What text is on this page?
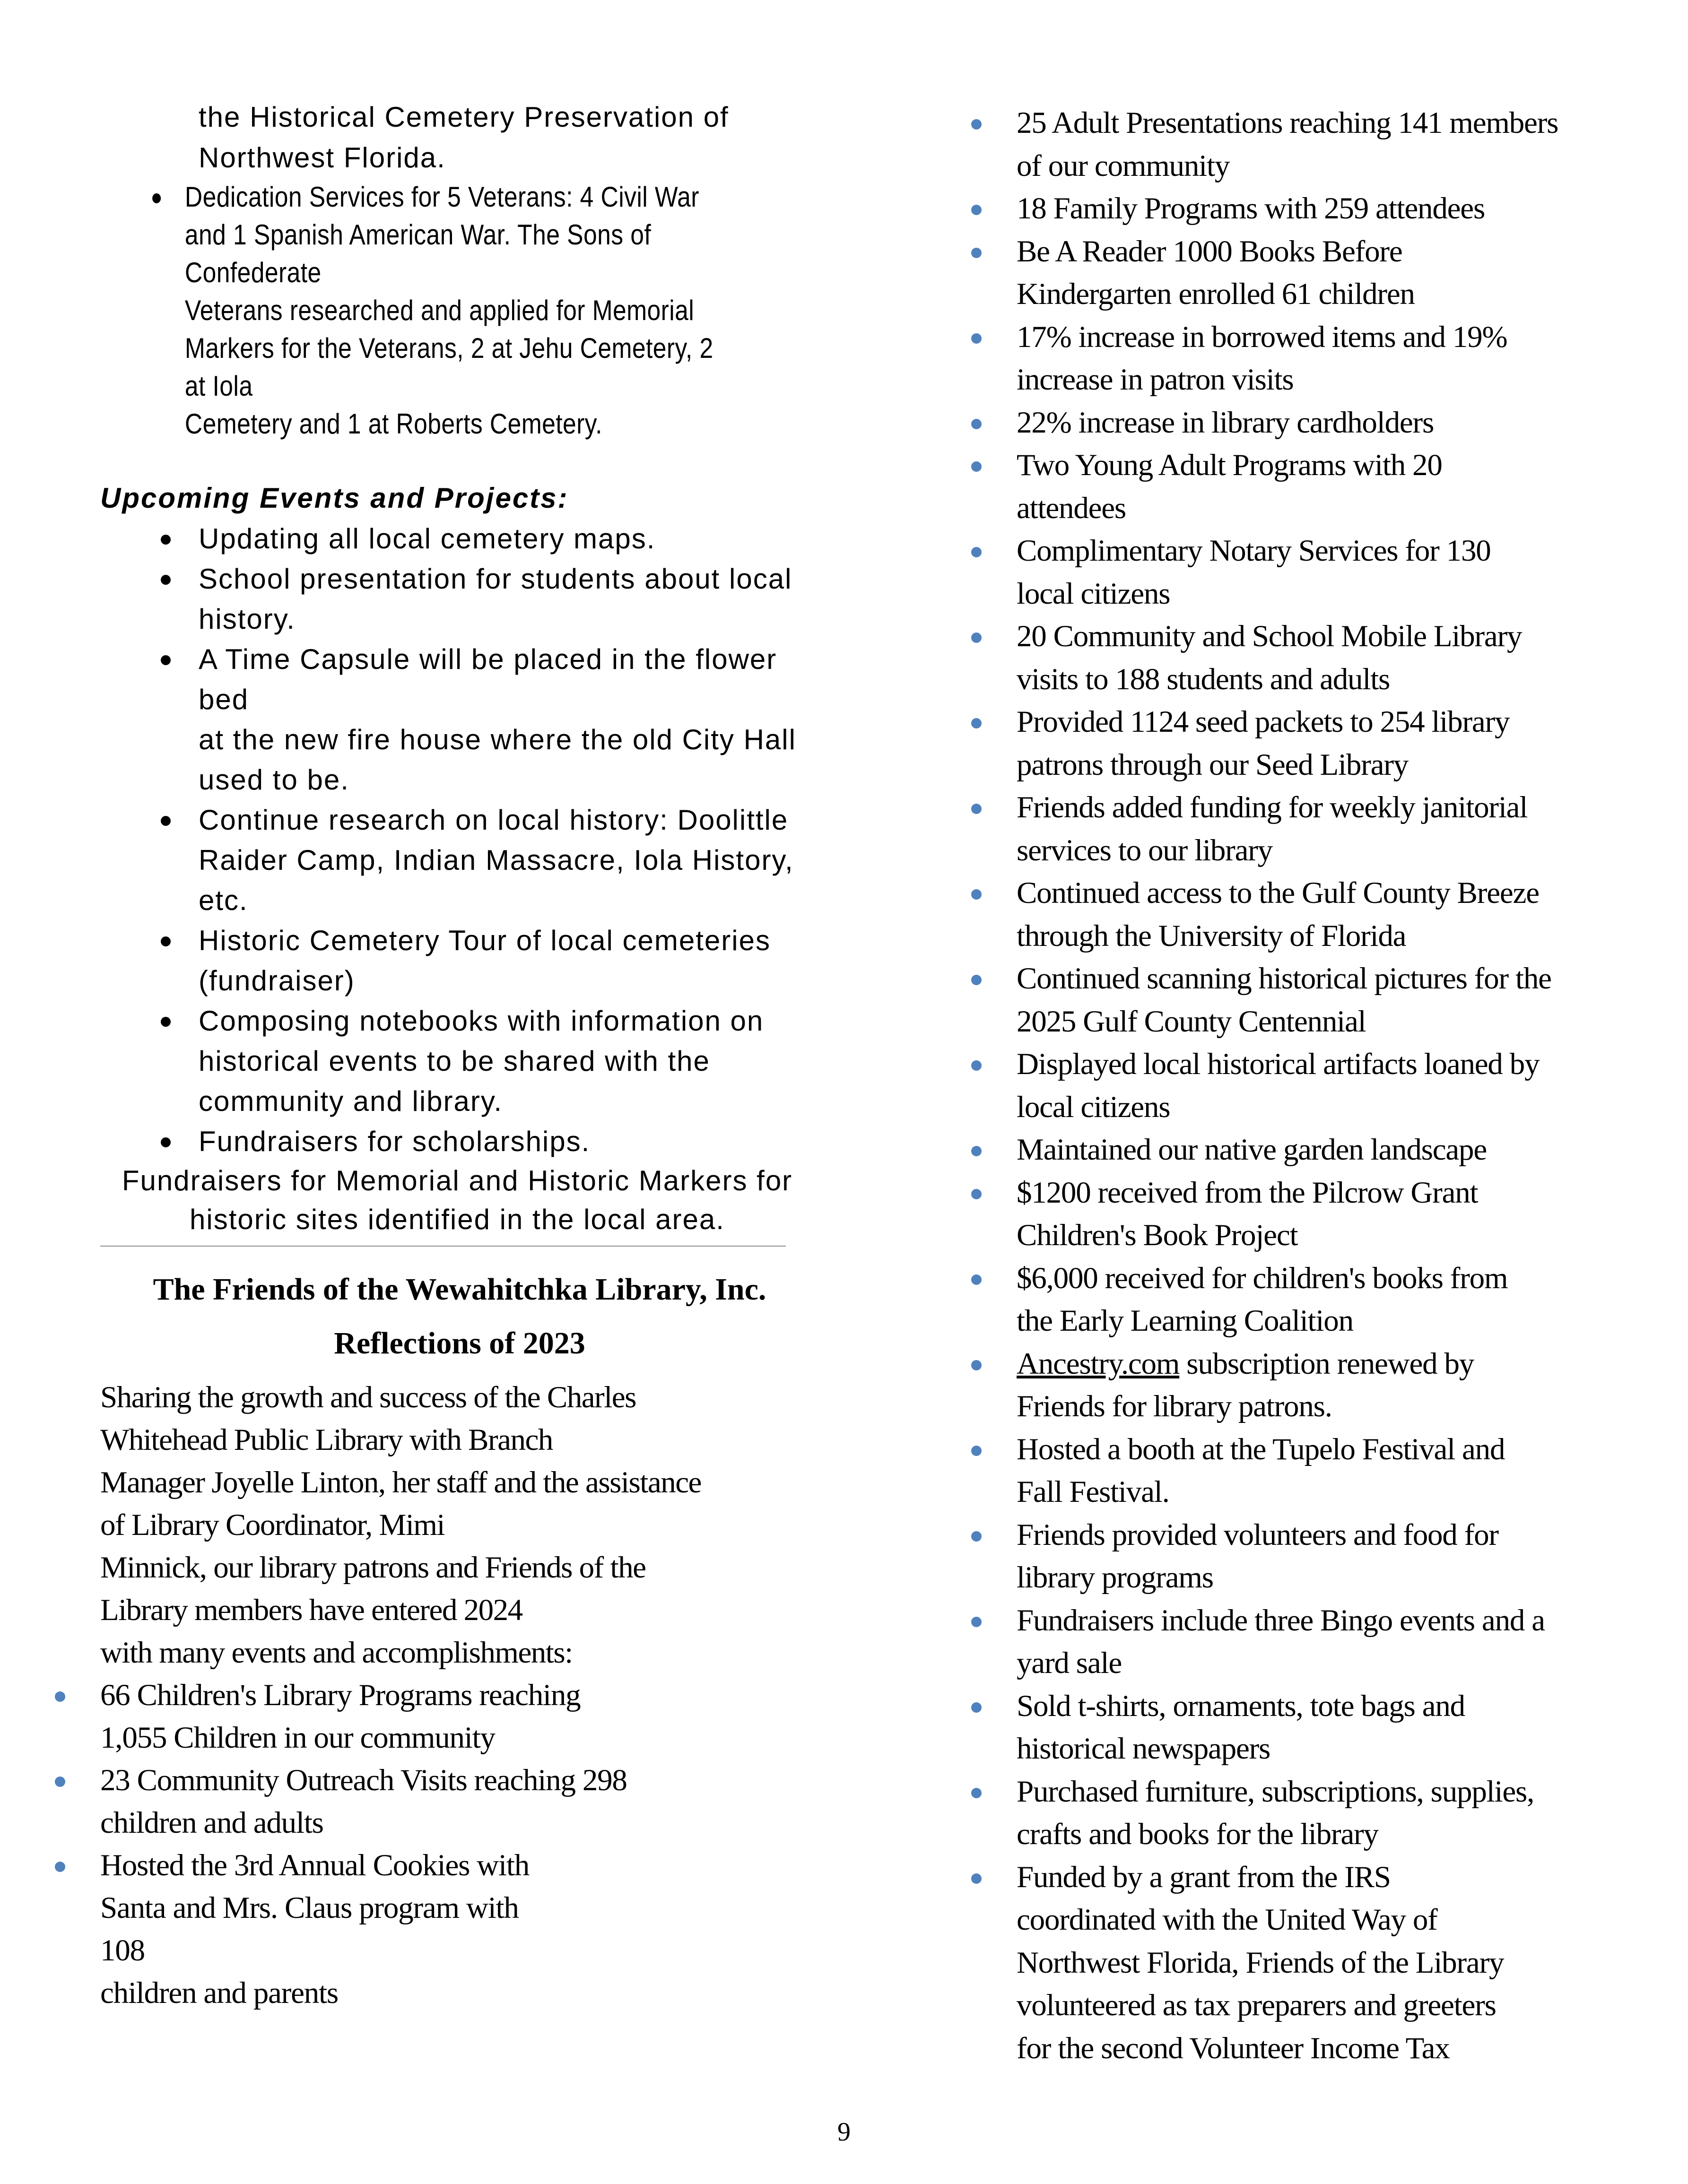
the Historical Cemetery Preservation of
Northwest Florida.
Dedication Services for 5 Veterans: 4 Civil War
and 1 Spanish American War. The Sons of
Confederate
Veterans researched and applied for Memorial
Markers for the Veterans, 2 at Jehu Cemetery, 2
at Iola
Cemetery and 1 at Roberts Cemetery.
Upcoming Events and Projects:
Updating all local cemetery maps.
School presentation for students about local
history.
A Time Capsule will be placed in the flower bed
at the new fire house where the old City Hall
used to be.
Continue research on local history: Doolittle
Raider Camp, Indian Massacre, Iola History,
etc.
Historic Cemetery Tour of local cemeteries
(fundraiser)
Composing notebooks with information on
historical events to be shared with the
community and library.
Fundraisers for scholarships.
Fundraisers for Memorial and Historic Markers for
historic sites identified in the local area.
The Friends of the Wewahitchka Library, Inc.
Reflections of 2023
Sharing the growth and success of the Charles
Whitehead Public Library with Branch
Manager Joyelle Linton, her staff and the assistance
of Library Coordinator, Mimi
Minnick, our library patrons and Friends of the
Library members have entered 2024
with many events and accomplishments:
66 Children's Library Programs reaching
1,055 Children in our community
23 Community Outreach Visits reaching 298
children and adults
Hosted the 3rd Annual Cookies with
Santa and Mrs. Claus program with
108
children and parents
25 Adult Presentations reaching 141 members
of our community
18 Family Programs with 259 attendees
Be A Reader 1000 Books Before
Kindergarten enrolled 61 children
17% increase in borrowed items and 19%
increase in patron visits
22% increase in library cardholders
Two Young Adult Programs with 20
attendees
Complimentary Notary Services for 130
local citizens
20 Community and School Mobile Library
visits to 188 students and adults
Provided 1124 seed packets to 254 library
patrons through our Seed Library
Friends added funding for weekly janitorial
services to our library
Continued access to the Gulf County Breeze
through the University of Florida
Continued scanning historical pictures for the
2025 Gulf County Centennial
Displayed local historical artifacts loaned by
local citizens
Maintained our native garden landscape
$1200 received from the Pilcrow Grant
Children's Book Project
$6,000 received for children's books from
the Early Learning Coalition
Ancestry.com subscription renewed by
Friends for library patrons.
Hosted a booth at the Tupelo Festival and
Fall Festival.
Friends provided volunteers and food for
library programs
Fundraisers include three Bingo events and a
yard sale
Sold t-shirts, ornaments, tote bags and
historical newspapers
Purchased furniture, subscriptions, supplies,
crafts and books for the library
Funded by a grant from the IRS
coordinated with the United Way of
Northwest Florida, Friends of the Library
volunteered as tax preparers and greeters
for the second Volunteer Income Tax
9
